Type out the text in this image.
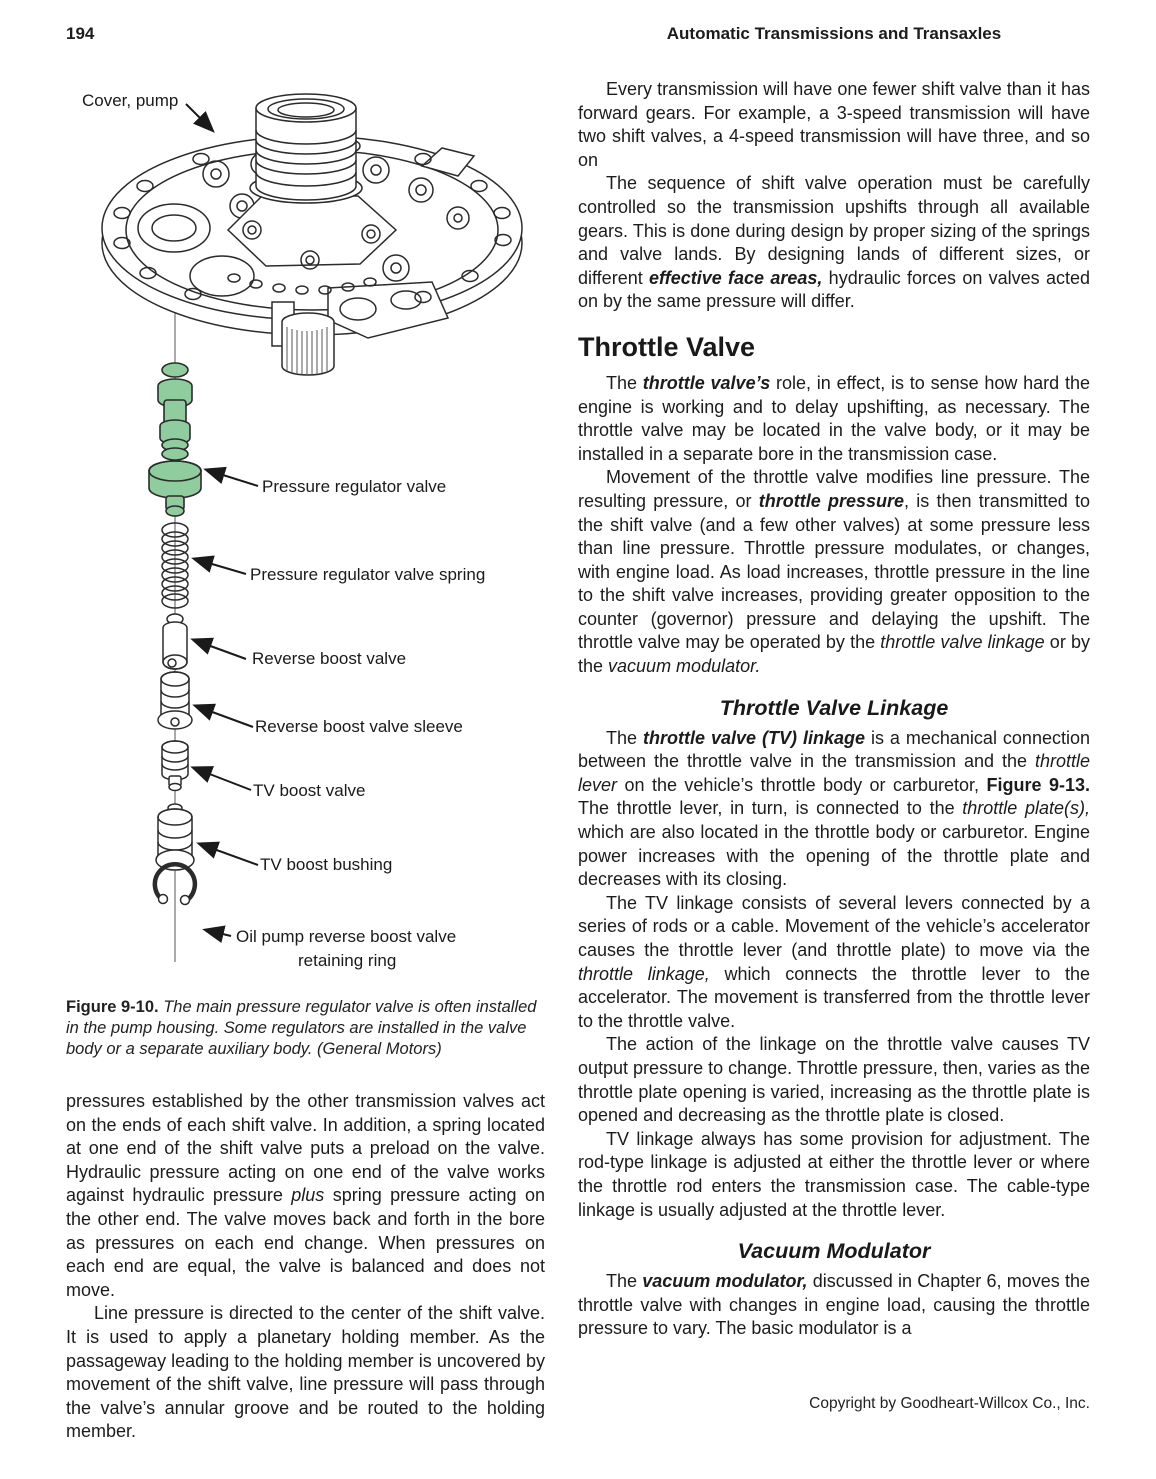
194	Automatic Transmissions and Transaxles
Cover, pump
Pressure regulator valve
Pressure regulator valve spring
Reverse boost valve
Reverse boost valve sleeve
TV boost valve
TV boost bushing
Oil pump reverse boost valve
retaining ring

Figure 9-10. The main pressure regulator valve is often installed in the pump housing. Some regulators are installed in the valve body or a separate auxiliary body. (General Motors)

pressures established by the other transmission valves act on the ends of each shift valve. In addition, a spring located at one end of the shift valve puts a preload on the valve. Hydraulic pressure acting on one end of the valve works against hydraulic pressure plus spring pressure acting on the other end. The valve moves back and forth in the bore as pressures on each end change. When pressures on each end are equal, the valve is balanced and does not move.

Line pressure is directed to the center of the shift valve. It is used to apply a planetary holding member. As the passageway leading to the holding member is uncovered by movement of the shift valve, line pressure will pass through the valve’s annular groove and be routed to the holding member.

Every transmission will have one fewer shift valve than it has forward gears. For example, a 3-speed transmission will have two shift valves, a 4-speed transmission will have three, and so on

The sequence of shift valve operation must be carefully controlled so the transmission upshifts through all available gears. This is done during design by proper sizing of the springs and valve lands. By designing lands of different sizes, or different effective face areas, hydraulic forces on valves acted on by the same pressure will differ.

Throttle Valve

The throttle valve’s role, in effect, is to sense how hard the engine is working and to delay upshifting, as necessary. The throttle valve may be located in the valve body, or it may be installed in a separate bore in the transmission case.

Movement of the throttle valve modifies line pressure. The resulting pressure, or throttle pressure, is then transmitted to the shift valve (and a few other valves) at some pressure less than line pressure. Throttle pressure modulates, or changes, with engine load. As load increases, throttle pressure in the line to the shift valve increases, providing greater opposition to the counter (governor) pressure and delaying the upshift. The throttle valve may be operated by the throttle valve linkage or by the vacuum modulator.

Throttle Valve Linkage

The throttle valve (TV) linkage is a mechanical connection between the throttle valve in the transmission and the throttle lever on the vehicle’s throttle body or carburetor, Figure 9-13. The throttle lever, in turn, is connected to the throttle plate(s), which are also located in the throttle body or carburetor. Engine power increases with the opening of the throttle plate and decreases with its closing.

The TV linkage consists of several levers connected by a series of rods or a cable. Movement of the vehicle’s accelerator causes the throttle lever (and throttle plate) to move via the throttle linkage, which connects the throttle lever to the accelerator. The movement is transferred from the throttle lever to the throttle valve.

The action of the linkage on the throttle valve causes TV output pressure to change. Throttle pressure, then, varies as the throttle plate opening is varied, increasing as the throttle plate is opened and decreasing as the throttle plate is closed.

TV linkage always has some provision for adjustment. The rod-type linkage is adjusted at either the throttle lever or where the throttle rod enters the transmission case. The cable-type linkage is usually adjusted at the throttle lever.

Vacuum Modulator

The vacuum modulator, discussed in Chapter 6, moves the throttle valve with changes in engine load, causing the throttle pressure to vary. The basic modulator is a

Copyright by Goodheart-Willcox Co., Inc.
